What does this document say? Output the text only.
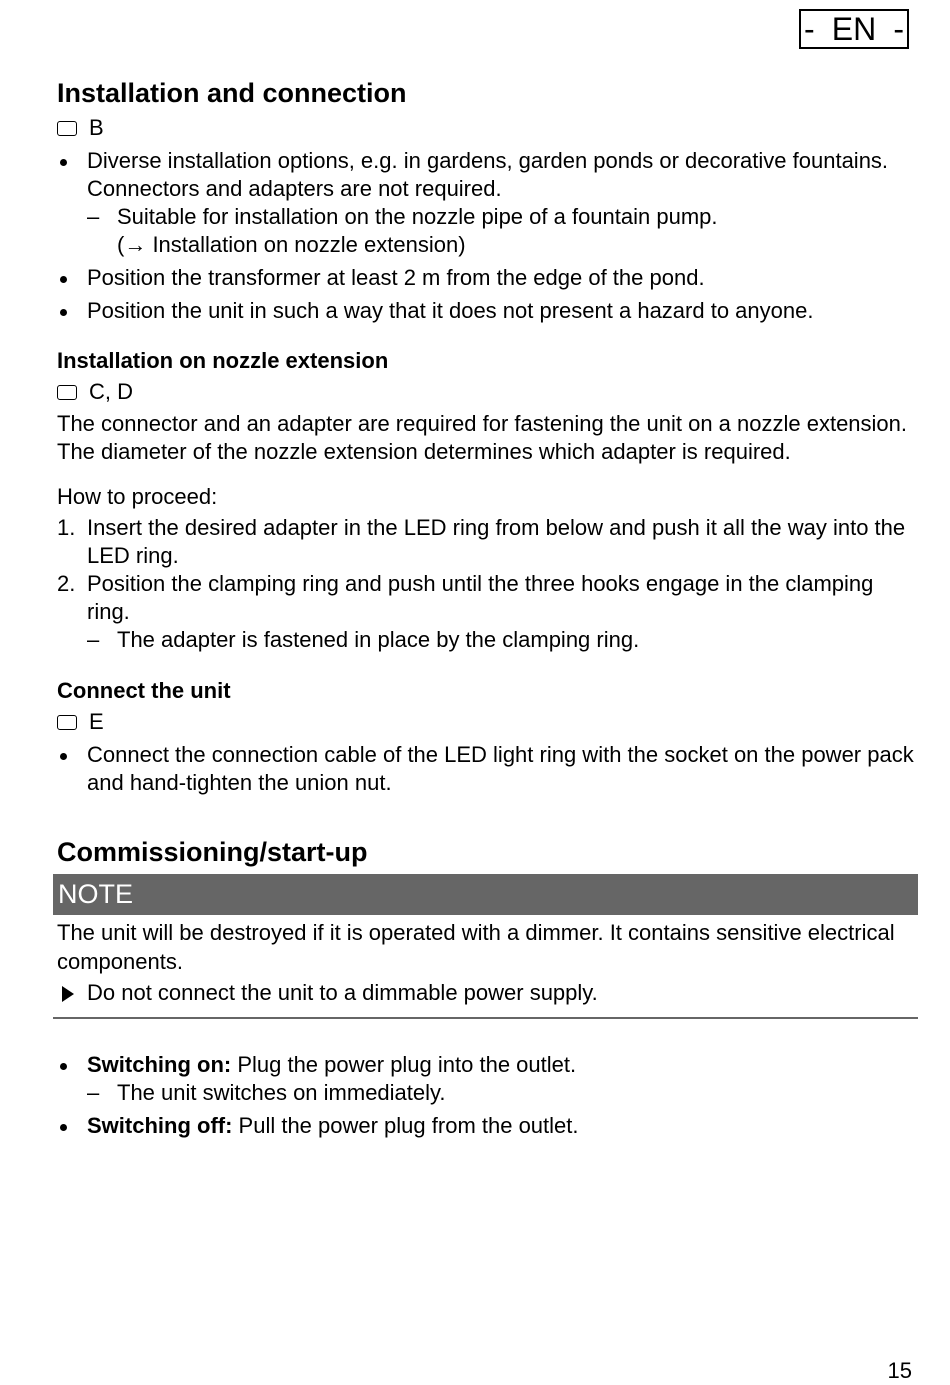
- EN -
Installation and connection
B
Diverse installation options, e.g. in gardens, garden ponds or decorative fountains. Connectors and adapters are not required.
– Suitable for installation on the nozzle pipe of a fountain pump.
(→ Installation on nozzle extension)
Position the transformer at least 2 m from the edge of the pond.
Position the unit in such a way that it does not present a hazard to anyone.
Installation on nozzle extension
C, D

The connector and an adapter are required for fastening the unit on a nozzle extension. The diameter of the nozzle extension determines which adapter is required.

How to proceed:

1. Insert the desired adapter in the LED ring from below and push it all the way into the LED ring.
2. Position the clamping ring and push until the three hooks engage in the clamping ring.
– The adapter is fastened in place by the clamping ring.
Connect the unit
E
Connect the connection cable of the LED light ring with the socket on the power pack and hand-tighten the union nut.
Commissioning/start-up
NOTE

The unit will be destroyed if it is operated with a dimmer. It contains sensitive electrical components.

Do not connect the unit to a dimmable power supply.
Switching on: Plug the power plug into the outlet.
– The unit switches on immediately.
Switching off: Pull the power plug from the outlet.
15
